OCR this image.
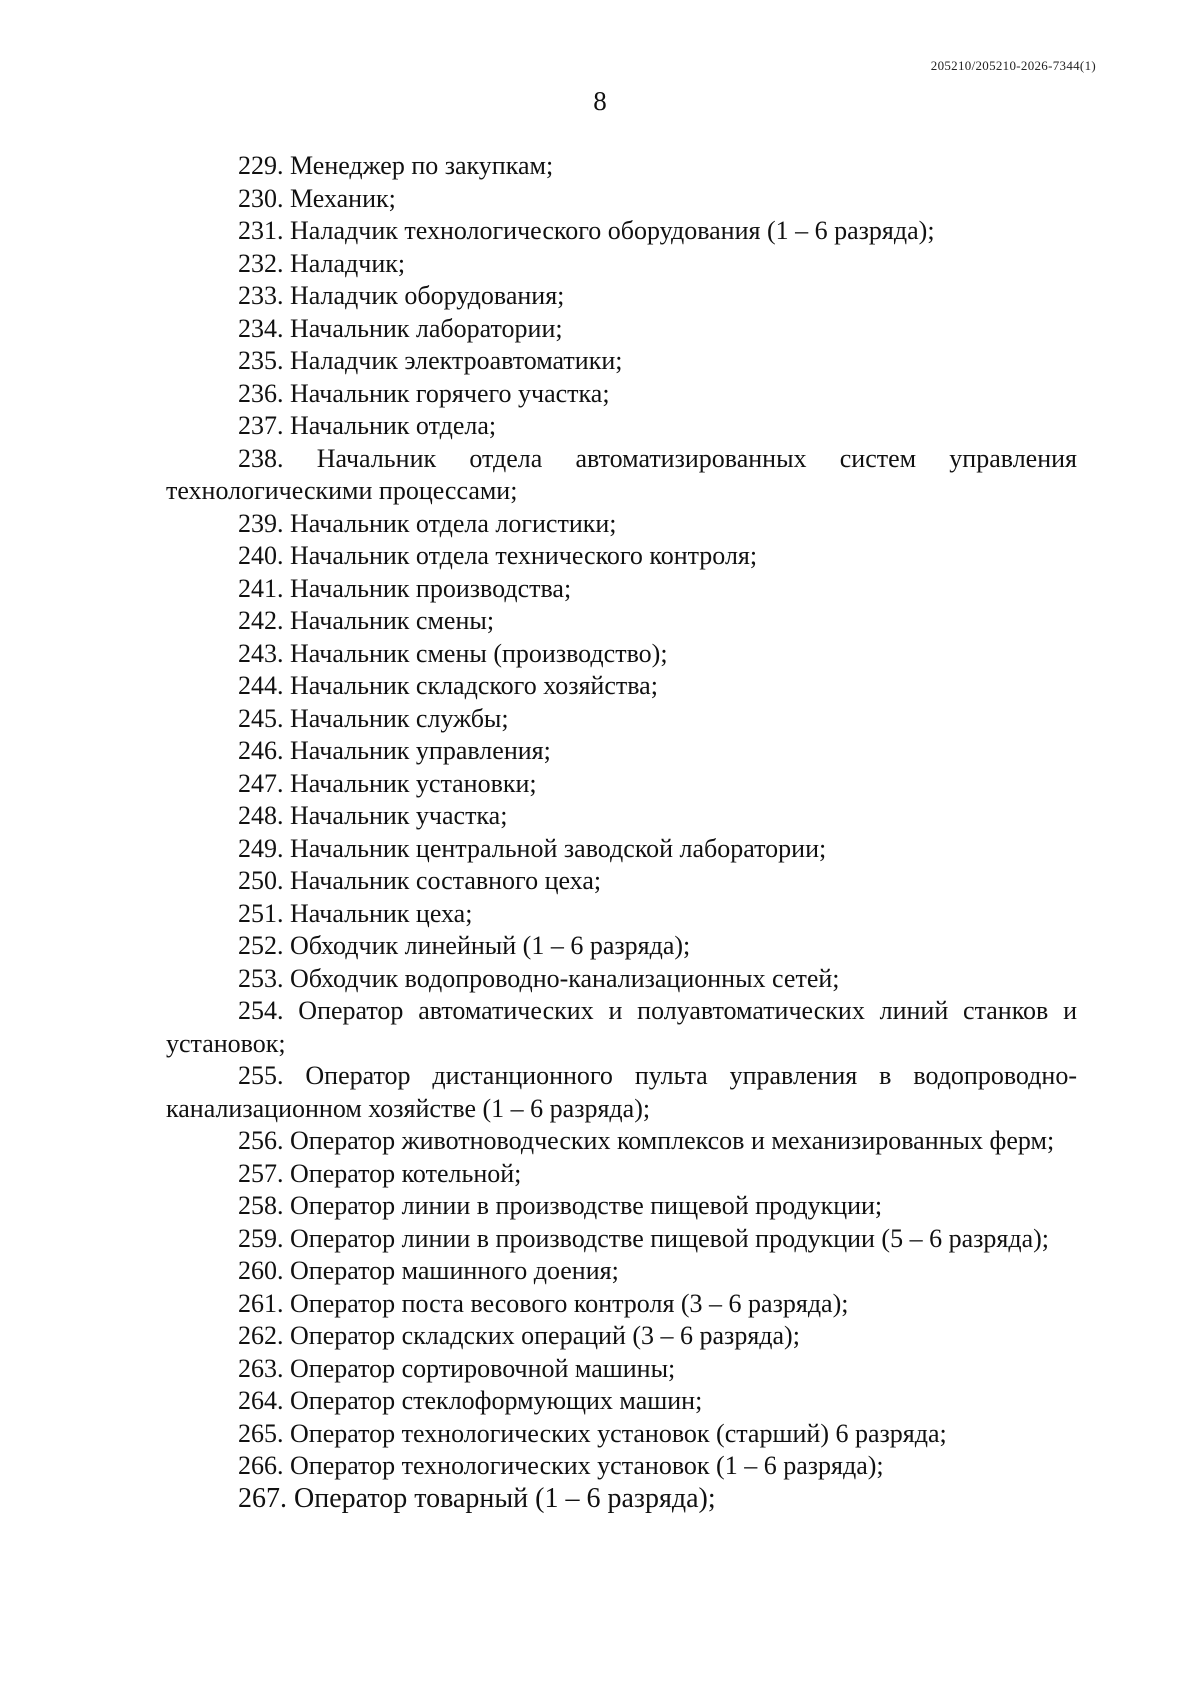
205210/205210-2026-7344(1)
8

229. Менеджер по закупкам;

230. Механик;

231. Наладчик технологического оборудования (1 – 6 разряда);

232. Наладчик;

233. Наладчик оборудования;

234. Начальник лаборатории;

235. Наладчик электроавтоматики;

236. Начальник горячего участка;

237. Начальник отдела;

238. Начальник отдела автоматизированных систем управления технологическими процессами;

239. Начальник отдела логистики;

240. Начальник отдела технического контроля;

241. Начальник производства;

242. Начальник смены;

243. Начальник смены (производство);

244. Начальник складского хозяйства;

245. Начальник службы;

246. Начальник управления;

247. Начальник установки;

248. Начальник участка;

249. Начальник центральной заводской лаборатории;

250. Начальник составного цеха;

251. Начальник цеха;

252. Обходчик линейный (1 – 6 разряда);

253. Обходчик водопроводно-канализационных сетей;

254. Оператор автоматических и полуавтоматических линий станков и установок;

255. Оператор дистанционного пульта управления в водопроводно-канализационном хозяйстве (1 – 6 разряда);

256. Оператор животноводческих комплексов и механизированных ферм;

257. Оператор котельной;

258. Оператор линии в производстве пищевой продукции;

259. Оператор линии в производстве пищевой продукции (5 – 6 разряда);

260. Оператор машинного доения;

261. Оператор поста весового контроля (3 – 6 разряда);

262. Оператор складских операций (3 – 6 разряда);

263. Оператор сортировочной машины;

264. Оператор стеклоформующих машин;

265. Оператор технологических установок (старший) 6 разряда;

266. Оператор технологических установок (1 – 6 разряда);

267. Оператор товарный (1 – 6 разряда);
